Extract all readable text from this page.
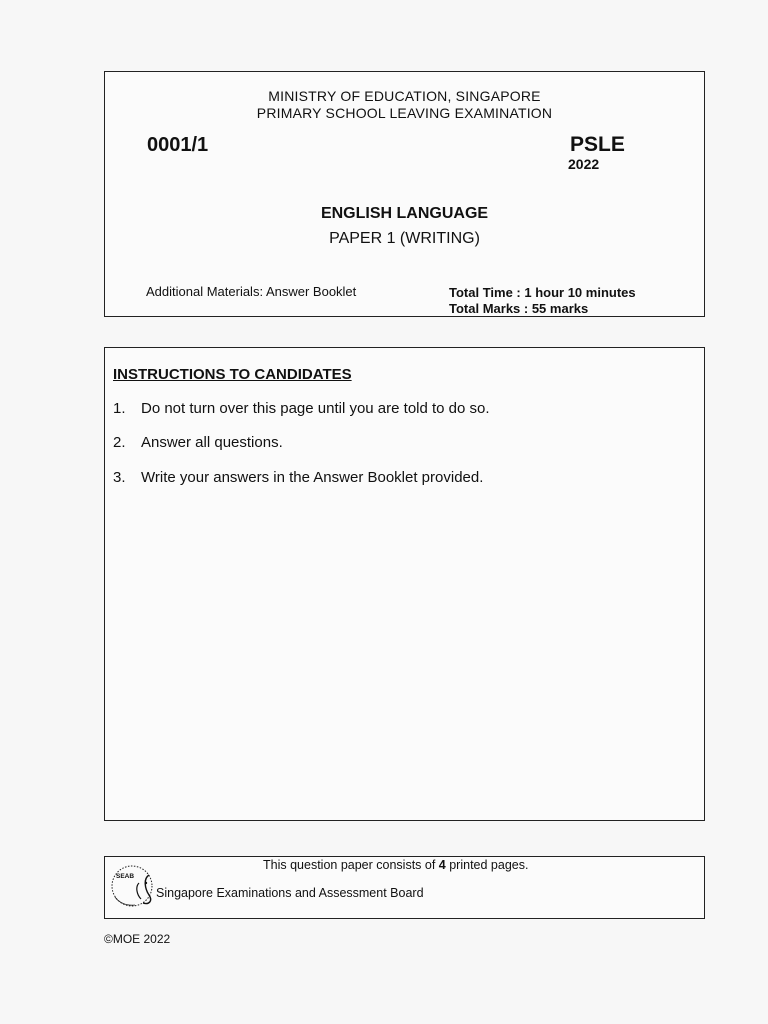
MINISTRY OF EDUCATION, SINGAPORE
PRIMARY SCHOOL LEAVING EXAMINATION
0001/1	PSLE
2022
ENGLISH LANGUAGE
PAPER 1 (WRITING)
Additional Materials: Answer Booklet	Total Time : 1 hour 10 minutes
Total Marks : 55 marks
INSTRUCTIONS TO CANDIDATES
1.	Do not turn over this page until you are told to do so.
2.	Answer all questions.
3.	Write your answers in the Answer Booklet provided.
This question paper consists of 4 printed pages.
SEAB
Singapore Examinations and Assessment Board
©MOE 2022
